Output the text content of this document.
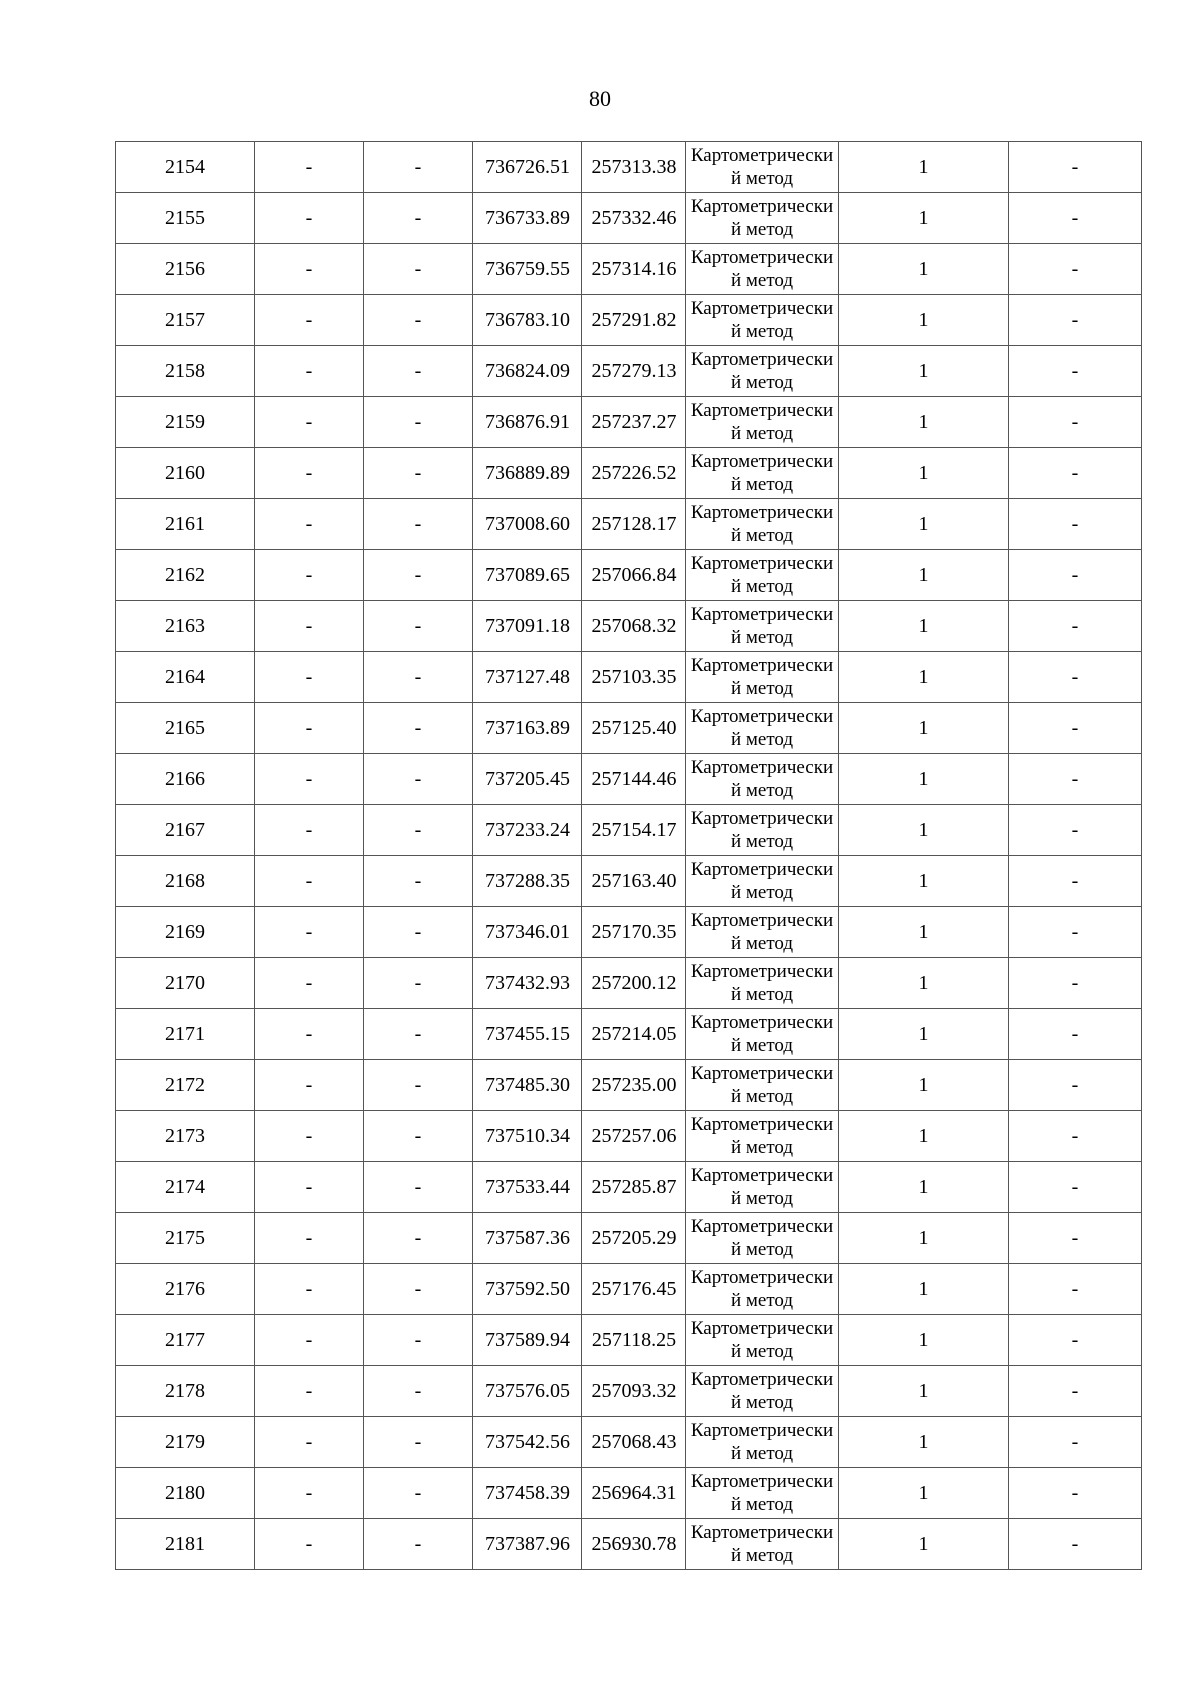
80
2154	-	-	736726.51	257313.38	Картометрический метод	1	-
2155	-	-	736733.89	257332.46	Картометрический метод	1	-
2156	-	-	736759.55	257314.16	Картометрический метод	1	-
2157	-	-	736783.10	257291.82	Картометрический метод	1	-
2158	-	-	736824.09	257279.13	Картометрический метод	1	-
2159	-	-	736876.91	257237.27	Картометрический метод	1	-
2160	-	-	736889.89	257226.52	Картометрический метод	1	-
2161	-	-	737008.60	257128.17	Картометрический метод	1	-
2162	-	-	737089.65	257066.84	Картометрический метод	1	-
2163	-	-	737091.18	257068.32	Картометрический метод	1	-
2164	-	-	737127.48	257103.35	Картометрический метод	1	-
2165	-	-	737163.89	257125.40	Картометрический метод	1	-
2166	-	-	737205.45	257144.46	Картометрический метод	1	-
2167	-	-	737233.24	257154.17	Картометрический метод	1	-
2168	-	-	737288.35	257163.40	Картометрический метод	1	-
2169	-	-	737346.01	257170.35	Картометрический метод	1	-
2170	-	-	737432.93	257200.12	Картометрический метод	1	-
2171	-	-	737455.15	257214.05	Картометрический метод	1	-
2172	-	-	737485.30	257235.00	Картометрический метод	1	-
2173	-	-	737510.34	257257.06	Картометрический метод	1	-
2174	-	-	737533.44	257285.87	Картометрический метод	1	-
2175	-	-	737587.36	257205.29	Картометрический метод	1	-
2176	-	-	737592.50	257176.45	Картометрический метод	1	-
2177	-	-	737589.94	257118.25	Картометрический метод	1	-
2178	-	-	737576.05	257093.32	Картометрический метод	1	-
2179	-	-	737542.56	257068.43	Картометрический метод	1	-
2180	-	-	737458.39	256964.31	Картометрический метод	1	-
2181	-	-	737387.96	256930.78	Картометрический метод	1	-
